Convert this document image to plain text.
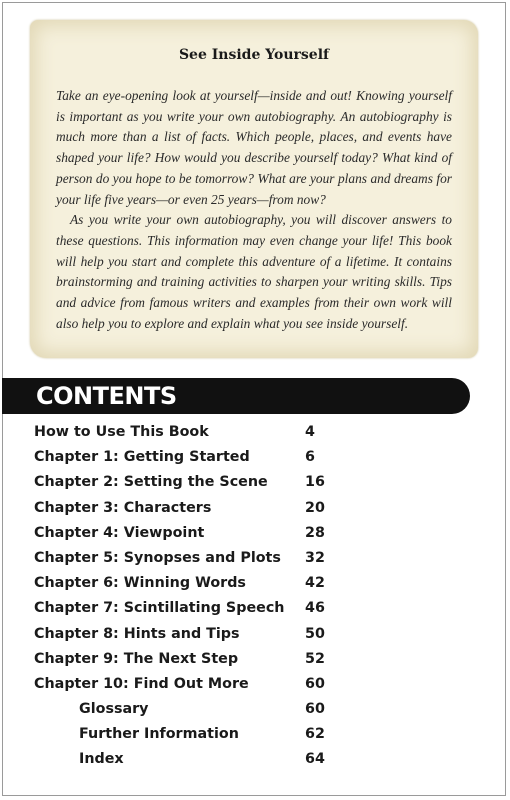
See Inside Yourself

Take an eye-opening look at yourself—inside and out! Knowing yourself is important as you write your own autobiography. An autobiography is much more than a list of facts. Which people, places, and events have shaped your life? How would you describe yourself today? What kind of person do you hope to be tomorrow? What are your plans and dreams for your life five years—or even 25 years—from now?

As you write your own autobiography, you will discover answers to these questions. This information may even change your life! This book will help you start and complete this adventure of a lifetime. It contains brainstorming and training activities to sharpen your writing skills. Tips and advice from famous writers and examples from their own work will also help you to explore and explain what you see inside yourself.

CONTENTS
How to Use This Book	4
Chapter 1: Getting Started	6
Chapter 2: Setting the Scene	16
Chapter 3: Characters	20
Chapter 4: Viewpoint	28
Chapter 5: Synopses and Plots 32
Chapter 6: Winning Words	42
Chapter 7: Scintillating Speech 46
Chapter 8: Hints and Tips	50
Chapter 9: The Next Step	52
Chapter 10: Find Out More	60
Glossary	60
Further Information	62
Index	64
